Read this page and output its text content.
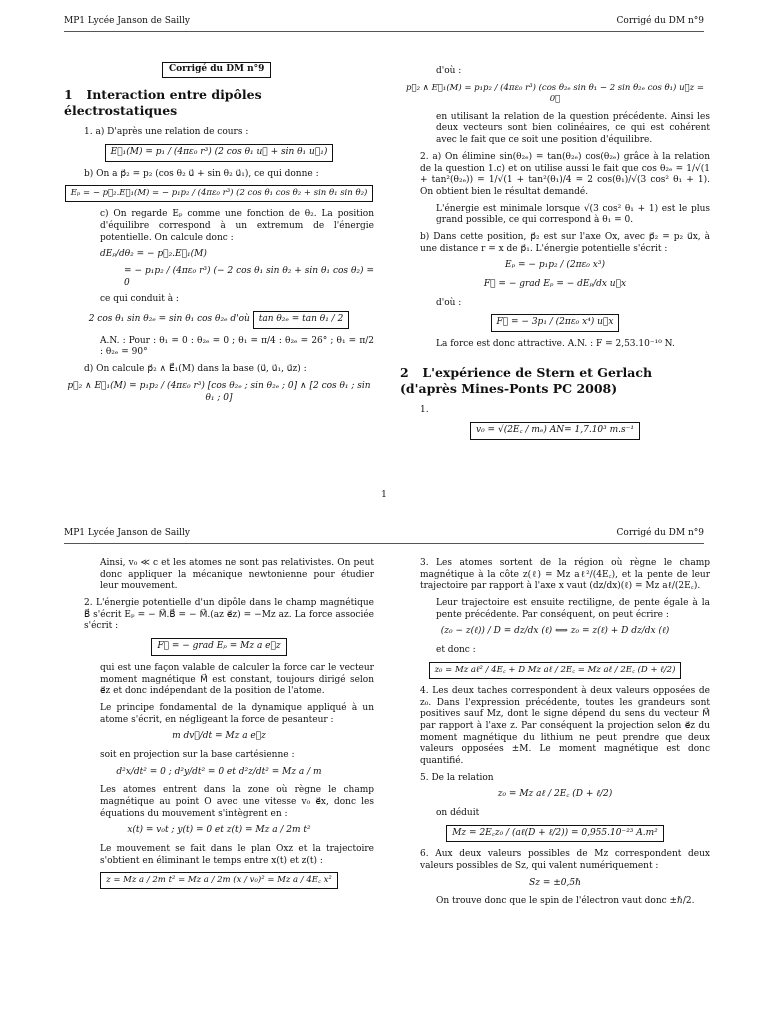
MP1 Lycée Janson de Sailly	Corrigé du DM n°9
Corrigé du DM n°9
1 Interaction entre dipôles électrostatiques

1. a) D'après une relation de cours :

E⃗₁(M) = p₁ / (4πε₀ r³) (2 cos θ₁ u⃗ + sin θ₁ u⃗₁)

b) On a p⃗₂ = p₂ (cos θ₂ u⃗ + sin θ₂ u⃗₁), ce qui donne :

Eₚ = − p⃗₂.E⃗₁(M) = − p₁p₂ / (4πε₀ r³) (2 cos θ₁ cos θ₂ + sin θ₁ sin θ₂)

c) On regarde Eₚ comme une fonction de θ₂. La position d'équilibre correspond à un extremum de l'énergie potentielle. On calcule donc :

dEₚ/dθ₂ = − p⃗₂.E⃗₁(M)

= − p₁p₂ / (4πε₀ r³) (− 2 cos θ₁ sin θ₂ + sin θ₁ cos θ₂) = 0

ce qui conduit à :

2 cos θ₁ sin θ₂ₑ = sin θ₁ cos θ₂ₑ d'où tan θ₂ₑ = tan θ₁ / 2

A.N. : Pour : θ₁ = 0 : θ₂ₑ = 0 ; θ₁ = π/4 : θ₂ₑ = 26° ; θ₁ = π/2 : θ₂ₑ = 90°

d) On calcule p⃗₂ ∧ E⃗₁(M) dans la base (u⃗, u⃗₁, u⃗z) :

p⃗₂ ∧ E⃗₁(M) = p₁p₂ / (4πε₀ r³) [cos θ₂ₑ ; sin θ₂ₑ ; 0] ∧ [2 cos θ₁ ; sin θ₁ ; 0]

d'où :

p⃗₂ ∧ E⃗₁(M) = p₁p₂ / (4πε₀ r³) (cos θ₂ₑ sin θ₁ − 2 sin θ₂ₑ cos θ₁) u⃗z = 0⃗

en utilisant la relation de la question précédente. Ainsi les deux vecteurs sont bien colinéaires, ce qui est cohérent avec le fait que ce soit une position d'équilibre.

2. a) On élimine sin(θ₂ₑ) = tan(θ₂ₑ) cos(θ₂ₑ) grâce à la relation de la question 1.c) et on utilise aussi le fait que cos θ₂ₑ = 1/√(1 + tan²(θ₂ₑ)) = 1/√(1 + tan²(θ₁)/4 = 2 cos(θ₁)/√(3 cos² θ₁ + 1). On obtient bien le résultat demandé.

L'énergie est minimale lorsque √(3 cos² θ₁ + 1) est le plus grand possible, ce qui correspond à θ₁ = 0.

b) Dans cette position, p⃗₂ est sur l'axe Ox, avec p⃗₂ = p₂ u⃗x, à une distance r = x de p⃗₁. L'énergie potentielle s'écrit :

Eₚ = − p₁p₂ / (2πε₀ x³)
F⃗ = − grad Eₚ = − dEₚ/dx u⃗x

d'où :

F⃗ = − 3p₁ / (2πε₀ x⁴) u⃗x

La force est donc attractive. A.N. : F = 2,53.10⁻¹⁰ N.

2 L'expérience de Stern et Gerlach (d'après Mines-Ponts PC 2008)

1.

v₀ = √(2E꜀ / mₑ) AN= 1,7.10³ m.s⁻¹
1
MP1 Lycée Janson de Sailly	Corrigé du DM n°9

Ainsi, v₀ ≪ c et les atomes ne sont pas relativistes. On peut donc appliquer la mécanique newtonienne pour étudier leur mouvement.

2. L'énergie potentielle d'un dipôle dans le champ magnétique B⃗ s'écrit Eₚ = − M⃗.B⃗ = − M⃗.(az e⃗z) = −Mz az. La force associée s'écrit :

F⃗ = − grad Eₚ = Mz a e⃗z

qui est une façon valable de calculer la force car le vecteur moment magnétique M⃗ est constant, toujours dirigé selon e⃗z et donc indépendant de la position de l'atome.

Le principe fondamental de la dynamique appliqué à un atome s'écrit, en négligeant la force de pesanteur :

m dv⃗/dt = Mz a e⃗z

soit en projection sur la base cartésienne :

d²x/dt² = 0 ; d²y/dt² = 0 et d²z/dt² = Mz a / m

Les atomes entrent dans la zone où règne le champ magnétique au point O avec une vitesse v₀ e⃗x, donc les équations du mouvement s'intègrent en :

x(t) = v₀t ; y(t) = 0 et z(t) = Mz a / 2m t²

Le mouvement se fait dans le plan Oxz et la trajectoire s'obtient en éliminant le temps entre x(t) et z(t) :

z = Mz a / 2m t² = Mz a / 2m (x / v₀)² = Mz a / 4E꜀ x²

3. Les atomes sortent de la région où règne le champ magnétique à la côte z(ℓ) = Mz aℓ²/(4E꜀), et la pente de leur trajectoire par rapport à l'axe x vaut (dz/dx)(ℓ) = Mz aℓ/(2E꜀).

Leur trajectoire est ensuite rectiligne, de pente égale à la pente précédente. Par conséquent, on peut écrire :

(z₀ − z(ℓ)) / D = dz/dx (ℓ) ⟺ z₀ = z(ℓ) + D dz/dx (ℓ)

et donc :

z₀ = Mz aℓ² / 4E꜀ + D Mz aℓ / 2E꜀ = Mz aℓ / 2E꜀ (D + ℓ/2)

4. Les deux taches correspondent à deux valeurs opposées de z₀. Dans l'expression précédente, toutes les grandeurs sont positives sauf Mz, dont le signe dépend du sens du vecteur M⃗ par rapport à l'axe z. Par conséquent la projection selon e⃗z du moment magnétique du lithium ne peut prendre que deux valeurs opposées ±M. Le moment magnétique est donc quantifié.

5. De la relation

z₀ = Mz aℓ / 2E꜀ (D + ℓ/2)

on déduit

Mz = 2E꜀z₀ / (aℓ(D + ℓ/2)) = 0,955.10⁻²³ A.m²

6. Aux deux valeurs possibles de Mz correspondent deux valeurs possibles de Sz, qui valent numériquement :

Sz = ±0,5ℏ

On trouve donc que le spin de l'électron vaut donc ±ℏ/2.
